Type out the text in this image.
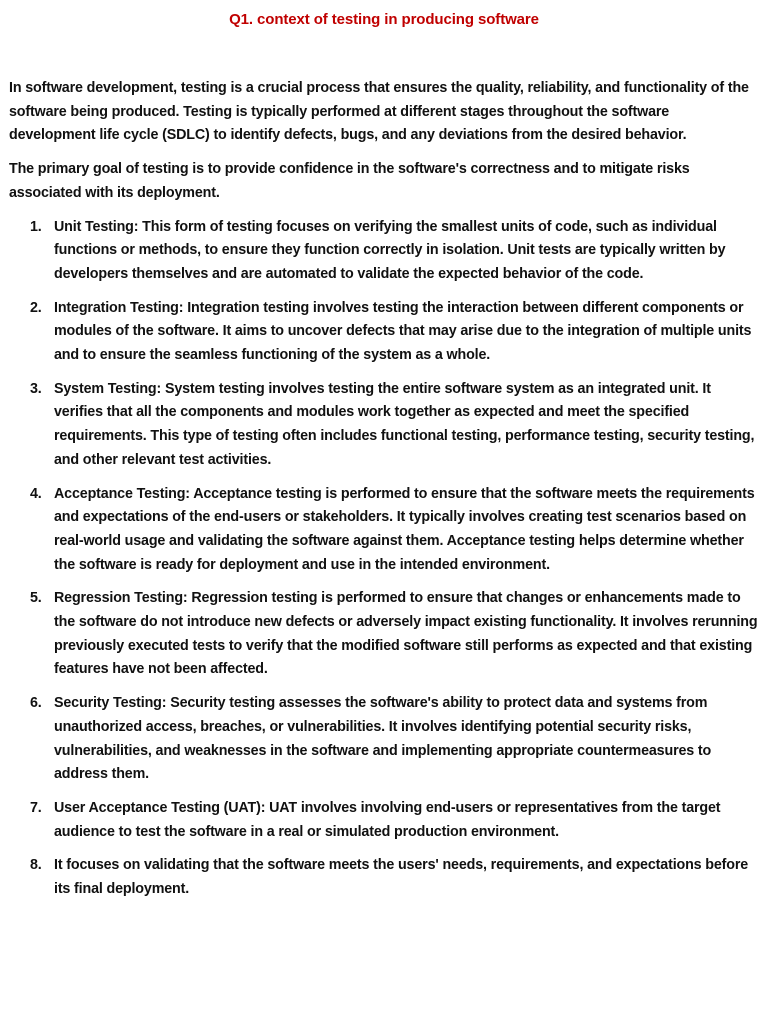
Q1. context of testing in producing software

In software development, testing is a crucial process that ensures the quality, reliability, and functionality of the software being produced. Testing is typically performed at different stages throughout the software development life cycle (SDLC) to identify defects, bugs, and any deviations from the desired behavior.

The primary goal of testing is to provide confidence in the software's correctness and to mitigate risks associated with its deployment.

1. Unit Testing: This form of testing focuses on verifying the smallest units of code, such as individual functions or methods, to ensure they function correctly in isolation. Unit tests are typically written by developers themselves and are automated to validate the expected behavior of the code.
2. Integration Testing: Integration testing involves testing the interaction between different components or modules of the software. It aims to uncover defects that may arise due to the integration of multiple units and to ensure the seamless functioning of the system as a whole.
3. System Testing: System testing involves testing the entire software system as an integrated unit. It verifies that all the components and modules work together as expected and meet the specified requirements. This type of testing often includes functional testing, performance testing, security testing, and other relevant test activities.
4. Acceptance Testing: Acceptance testing is performed to ensure that the software meets the requirements and expectations of the end-users or stakeholders. It typically involves creating test scenarios based on real-world usage and validating the software against them. Acceptance testing helps determine whether the software is ready for deployment and use in the intended environment.
5. Regression Testing: Regression testing is performed to ensure that changes or enhancements made to the software do not introduce new defects or adversely impact existing functionality. It involves rerunning previously executed tests to verify that the modified software still performs as expected and that existing features have not been affected.
6. Security Testing: Security testing assesses the software's ability to protect data and systems from unauthorized access, breaches, or vulnerabilities. It involves identifying potential security risks, vulnerabilities, and weaknesses in the software and implementing appropriate countermeasures to address them.
7. User Acceptance Testing (UAT): UAT involves involving end-users or representatives from the target audience to test the software in a real or simulated production environment.
8. It focuses on validating that the software meets the users' needs, requirements, and expectations before its final deployment.
